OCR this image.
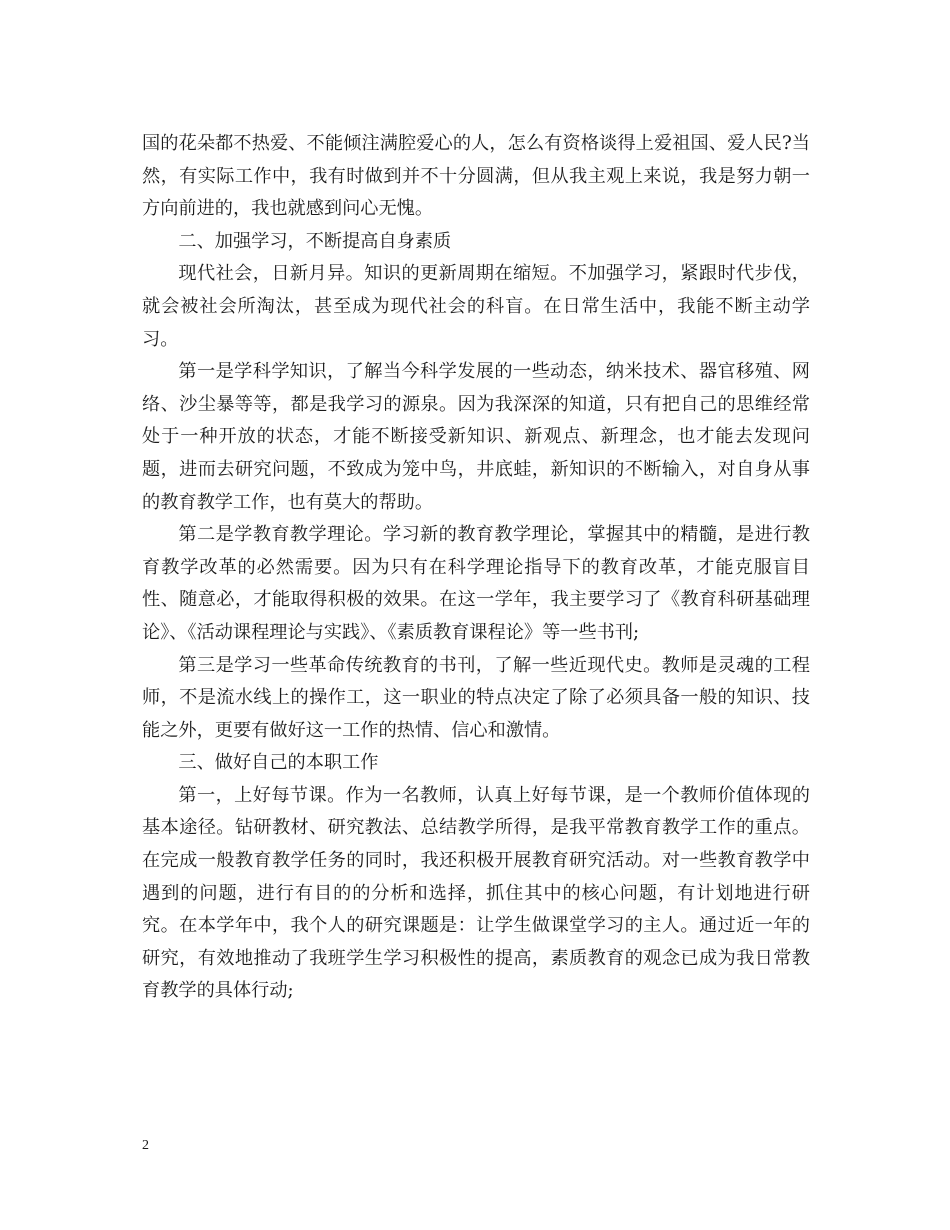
国的花朵都不热爱、不能倾注满腔爱心的人，怎么有资格谈得上爱祖国、爱人民?当然，有实际工作中，我有时做到并不十分圆满，但从我主观上来说，我是努力朝一方向前进的，我也就感到问心无愧。

二、加强学习，不断提高自身素质

现代社会，日新月异。知识的更新周期在缩短。不加强学习，紧跟时代步伐，就会被社会所淘汰，甚至成为现代社会的科盲。在日常生活中，我能不断主动学习。

第一是学科学知识，了解当今科学发展的一些动态，纳米技术、器官移殖、网络、沙尘暴等等，都是我学习的源泉。因为我深深的知道，只有把自己的思维经常处于一种开放的状态，才能不断接受新知识、新观点、新理念，也才能去发现问题，进而去研究问题，不致成为笼中鸟，井底蛙，新知识的不断输入，对自身从事的教育教学工作，也有莫大的帮助。

第二是学教育教学理论。学习新的教育教学理论，掌握其中的精髓，是进行教育教学改革的必然需要。因为只有在科学理论指导下的教育改革，才能克服盲目性、随意必，才能取得积极的效果。在这一学年，我主要学习了《教育科研基础理论》、《活动课程理论与实践》、《素质教育课程论》等一些书刊;

第三是学习一些革命传统教育的书刊，了解一些近现代史。教师是灵魂的工程师，不是流水线上的操作工，这一职业的特点决定了除了必须具备一般的知识、技能之外，更要有做好这一工作的热情、信心和激情。

三、做好自己的本职工作

第一，上好每节课。作为一名教师，认真上好每节课，是一个教师价值体现的基本途径。钻研教材、研究教法、总结教学所得，是我平常教育教学工作的重点。在完成一般教育教学任务的同时，我还积极开展教育研究活动。对一些教育教学中遇到的问题，进行有目的的分析和选择，抓住其中的核心问题，有计划地进行研究。在本学年中，我个人的研究课题是：让学生做课堂学习的主人。通过近一年的研究，有效地推动了我班学生学习积极性的提高，素质教育的观念已成为我日常教育教学的具体行动;

2
